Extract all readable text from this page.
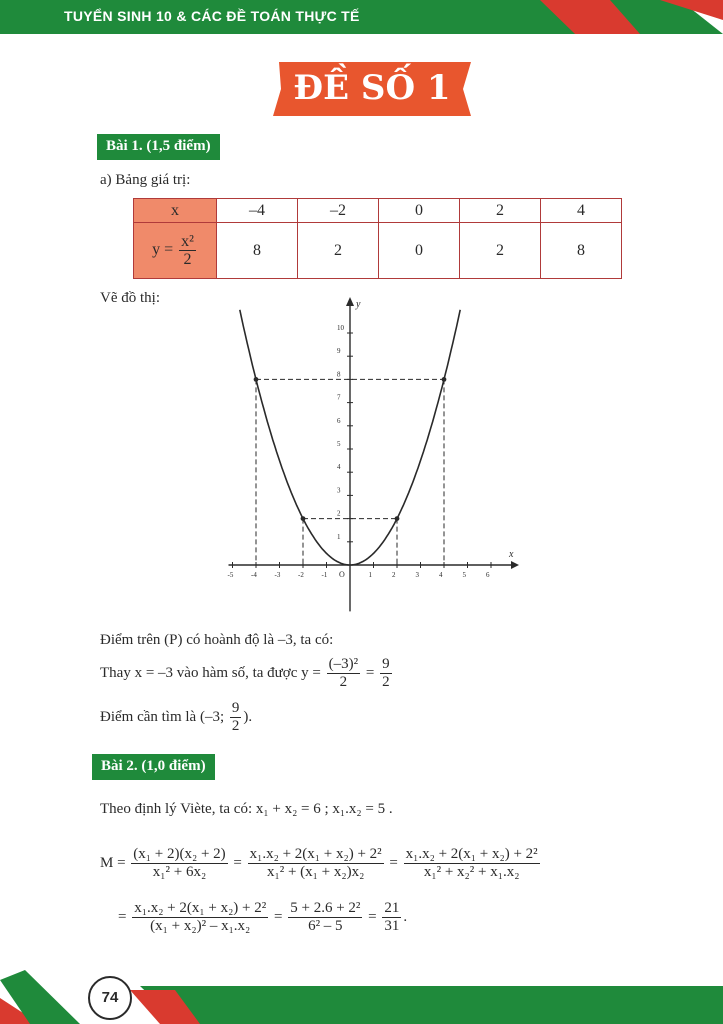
TUYỂN SINH 10 & CÁC ĐỀ TOÁN THỰC TẾ
ĐỀ SỐ 1
Bài 1. (1,5 điểm)
a) Bảng giá trị:
x	–4	–2	0	2	4
$y = \frac{\text{x²}}{2}$	8	2	0	2	8
Vẽ đồ thị:
x
y
O
-5	-4	-3	-2	-1	1	2	3	4	5	6
1
2
3
4
5
6
7
8
9
10
Điểm trên (P) có hoành độ là –3, ta có:
Thay x = –3 vào hàm số, ta được $y = \frac{\text{(–3)²}}{2} = \frac{9}{2}$
Điểm cần tìm là (–3; $\frac{9}{2}$ ).
Bài 2. (1,0 điểm)
Theo định lý Viète, ta có: x₁ + x₂ = 6 ; x₁.x₂ = 5 .
$M = \frac{\text{(x₁ + 2)(x₂ + 2)}}{\text{x₁² + 6x₂}} = \frac{\text{x₁.x₂ + 2(x₁ + x₂) + 2²}}{\text{x₁² + (x₁ + x₂)x₂}} = \frac{\text{x₁.x₂ + 2(x₁ + x₂) + 2²}}{\text{x₁² + x₂² + x₁.x₂}}$
= $\frac{\text{x₁.x₂ + 2(x₁ + x₂) + 2²}}{\text{(x₁ + x₂)² – x₁.x₂}} = \frac{\text{5 + 2.6 + 2²}}{\text{6² – 5}} = \frac{21}{31}$ .
74
